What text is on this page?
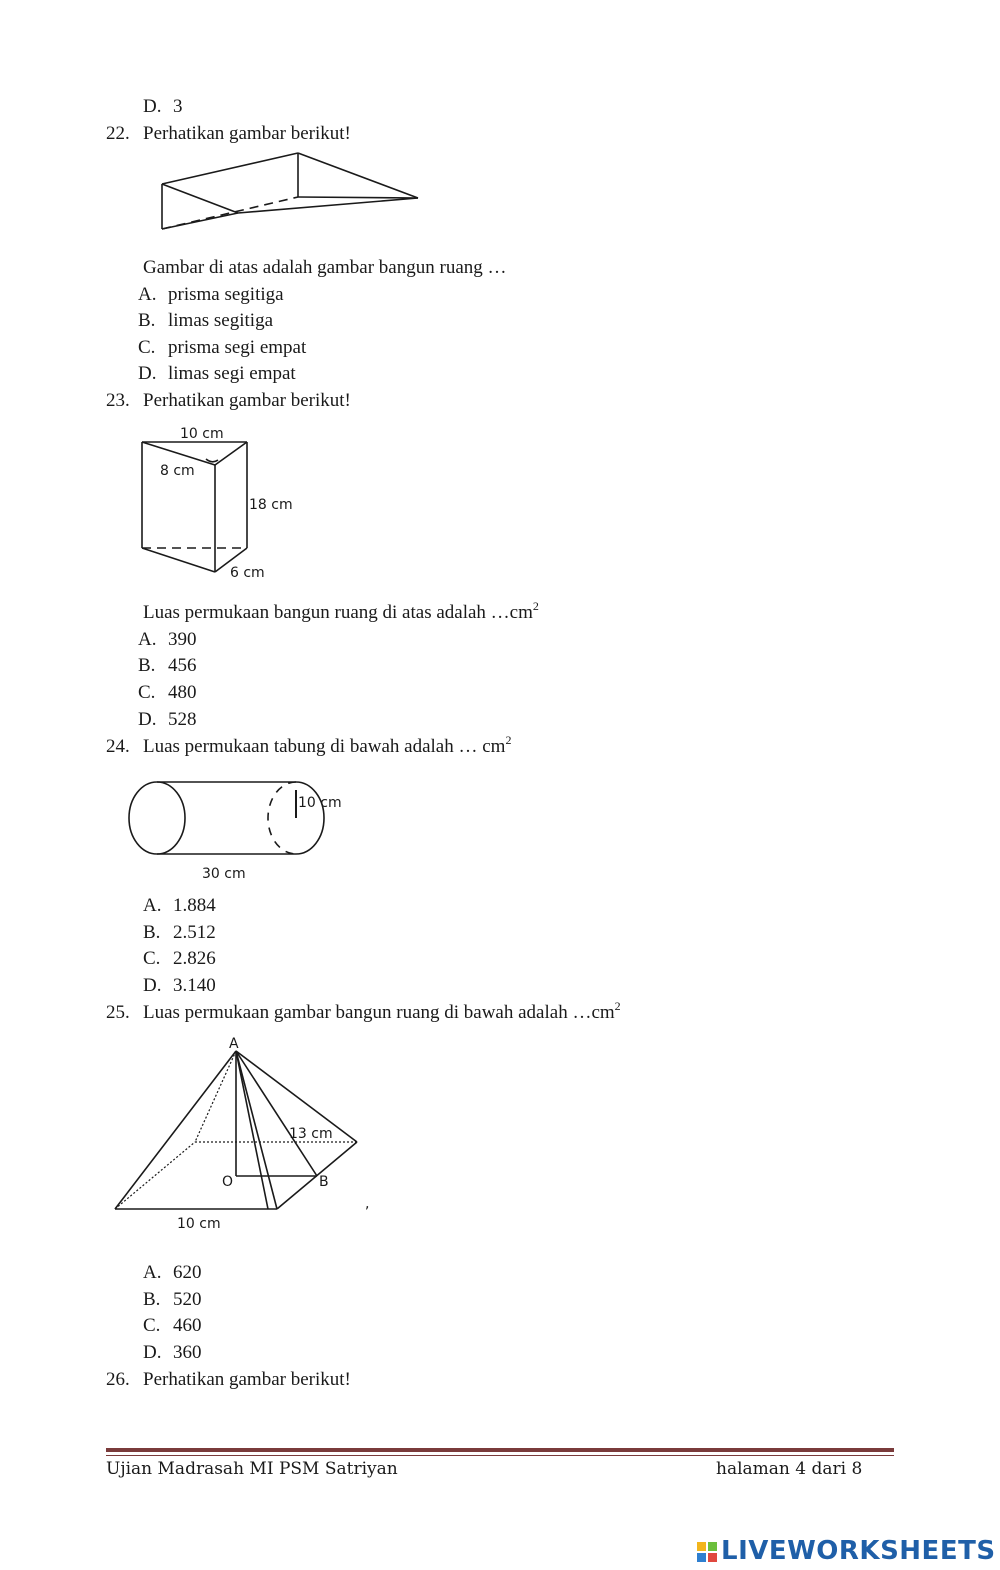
D. 3
22. Perhatikan gambar berikut!
Gambar di atas adalah gambar bangun ruang …
A. prisma segitiga
B. limas segitiga
C. prisma segi empat
D. limas segi empat
23. Perhatikan gambar berikut!
10 cm
8 cm
18 cm
6 cm
Luas permukaan bangun ruang di atas adalah $\dots cm^2$
A. 390
B. 456
C. 480
D. 528
24. Luas permukaan tabung di bawah adalah … $cm^2$
10 cm
30 cm
A. 1.884
B. 2.512
C. 2.826
D. 3.140
25. Luas permukaan gambar bangun ruang di bawah adalah $\dots cm^2$
A
13 cm
O	B
10 cm
,
A. 620
B. 520
C. 460
D. 360
26. Perhatikan gambar berikut!
Ujian Madrasah MI PSM Satriyan	halaman 4 dari 8
LIVEWORKSHEETS
